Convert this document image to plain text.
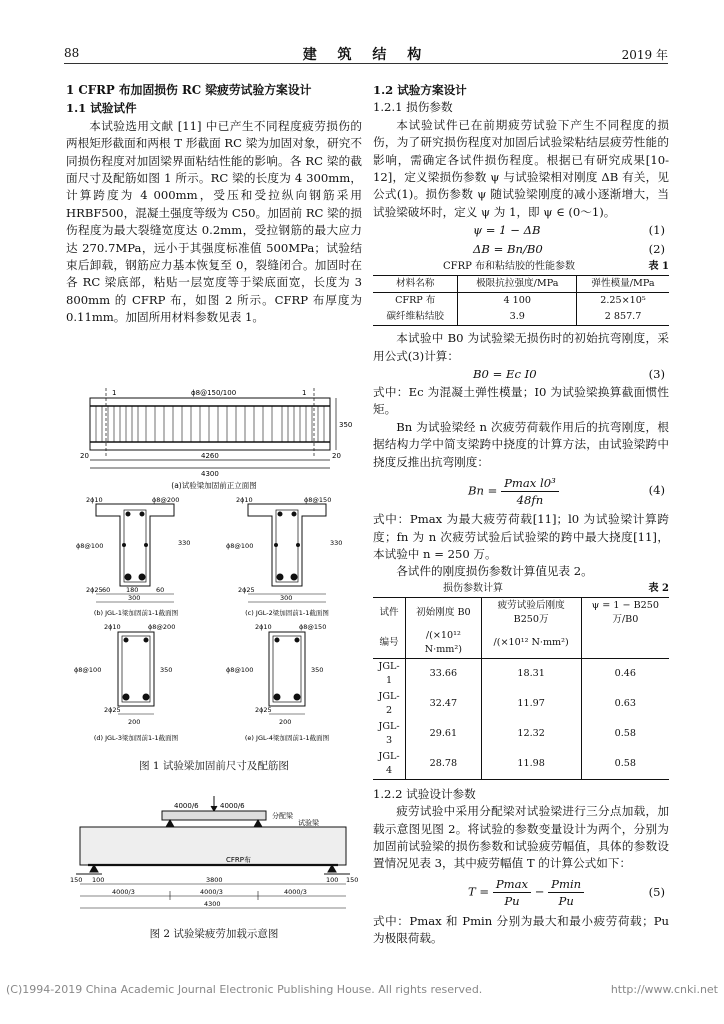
88	建 筑 结 构	2019 年
1 CFRP 布加固损伤 RC 梁疲劳试验方案设计
1.1 试验试件

本试验选用文献 [11] 中已产生不同程度疲劳损伤的两根矩形截面和两根 T 形截面 RC 梁为加固对象，研究不同损伤程度对加固梁界面粘结性能的影响。各 RC 梁的截面尺寸及配筋如图 1 所示。RC 梁的长度为 4 300mm，计算跨度为 4 000mm，受压和受拉纵向钢筋采用 HRBF500，混凝土强度等级为 C50。加固前 RC 梁的损伤程度为最大裂缝宽度达 0.2mm，受拉钢筋的最大应力达 270.7MPa，远小于其强度标准值 500MPa；试验结束后卸载，钢筋应力基本恢复至 0，裂缝闭合。加固时在各 RC 梁底部，粘贴一层宽度等于梁底面宽，长度为 3 800mm 的 CFRP 布，如图 2 所示。CFRP 布厚度为 0.11mm。加固所用材料参数见表 1。

1	1
ϕ8@150/100
350
4260
4300
20	20
(a)试验梁加固前正立面图
ϕ8@200
2ϕ10
ϕ8@100
2ϕ25
330
60 180	60
300
(b) JGL-1梁加固前1-1截面图
ϕ8@150
2ϕ10
ϕ8@100
2ϕ25
330
300
(c) JGL-2梁加固前1-1截面图
ϕ8@200
2ϕ10
ϕ8@100
2ϕ25
350
200
(d) JGL-3梁加固前1-1截面图
ϕ8@150
2ϕ10
ϕ8@100
2ϕ25
350
200
(e) JGL-4梁加固前1-1截面图
图 1 试验梁加固前尺寸及配筋图
4000/6	4000/6
分配梁
试验梁
CFRP布
150 100	3800	100 150
4000/3	4000/3	4000/3
4300
图 2 试验梁疲劳加载示意图
1.2 试验方案设计
1.2.1 损伤参数

本试验试件已在前期疲劳试验下产生不同程度的损伤，为了研究损伤程度对加固后试验梁粘结层疲劳性能的影响，需确定各试件损伤程度。根据已有研究成果[10-12]，定义梁损伤参数 ψ 与试验梁相对刚度 ΔB 有关，见公式(1)。损伤参数 ψ 随试验梁刚度的减小逐渐增大，当试验梁破坏时，定义 ψ 为 1，即 ψ ∈ (0～1)。

ψ = 1 − ΔB	(1)
ΔB = Bn/B0	(2)
CFRP 布和粘结胶的性能参数	表 1
材料名称	极限抗拉强度/MPa	弹性模量/MPa
CFRP 布	4 100	2.25×10⁵
碳纤维粘结胶	3.9	2 857.7

本试验中 B0 为试验梁无损伤时的初始抗弯刚度，采用公式(3)计算：

B0 = Ec I0	(3)

式中：Ec 为混凝土弹性模量；I0 为试验梁换算截面惯性矩。

Bn 为试验梁经 n 次疲劳荷载作用后的抗弯刚度，根据结构力学中简支梁跨中挠度的计算方法，由试验梁跨中挠度反推出抗弯刚度：

$Bn = \frac{\text{Pmax l0³}}{48fn}$	(4)

式中：Pmax 为最大疲劳荷载[11]；l0 为试验梁计算跨度；fn 为 n 次疲劳试验后试验梁的跨中最大挠度[11]，本试验中 n = 250 万。

各试件的刚度损伤参数计算值见表 2。

损伤参数计算	表 2
试件	初始刚度 B0	疲劳试验后刚度 B250万	ψ = 1 − B250万/B0
编号	/(×10¹² N·mm²)	/(×10¹² N·mm²)	
JGL-1	33.66	18.31	0.46
JGL-2	32.47	11.97	0.63
JGL-3	29.61	12.32	0.58
JGL-4	28.78	11.98	0.58
1.2.2 试验设计参数

疲劳试验中采用分配梁对试验梁进行三分点加载，加载示意图见图 2。将试验的参数变量设计为两个，分别为加固前试验梁的损伤参数和试验疲劳幅值，具体的参数设置情况见表 3，其中疲劳幅值 T 的计算公式如下：

$T = \frac{Pmax}{Pu} - \frac{Pmin}{Pu}$	(5)

式中：Pmax 和 Pmin 分别为最大和最小疲劳荷载；Pu 为极限荷载。

(C)1994-2019 China Academic Journal Electronic Publishing House. All rights reserved.	http://www.cnki.net
